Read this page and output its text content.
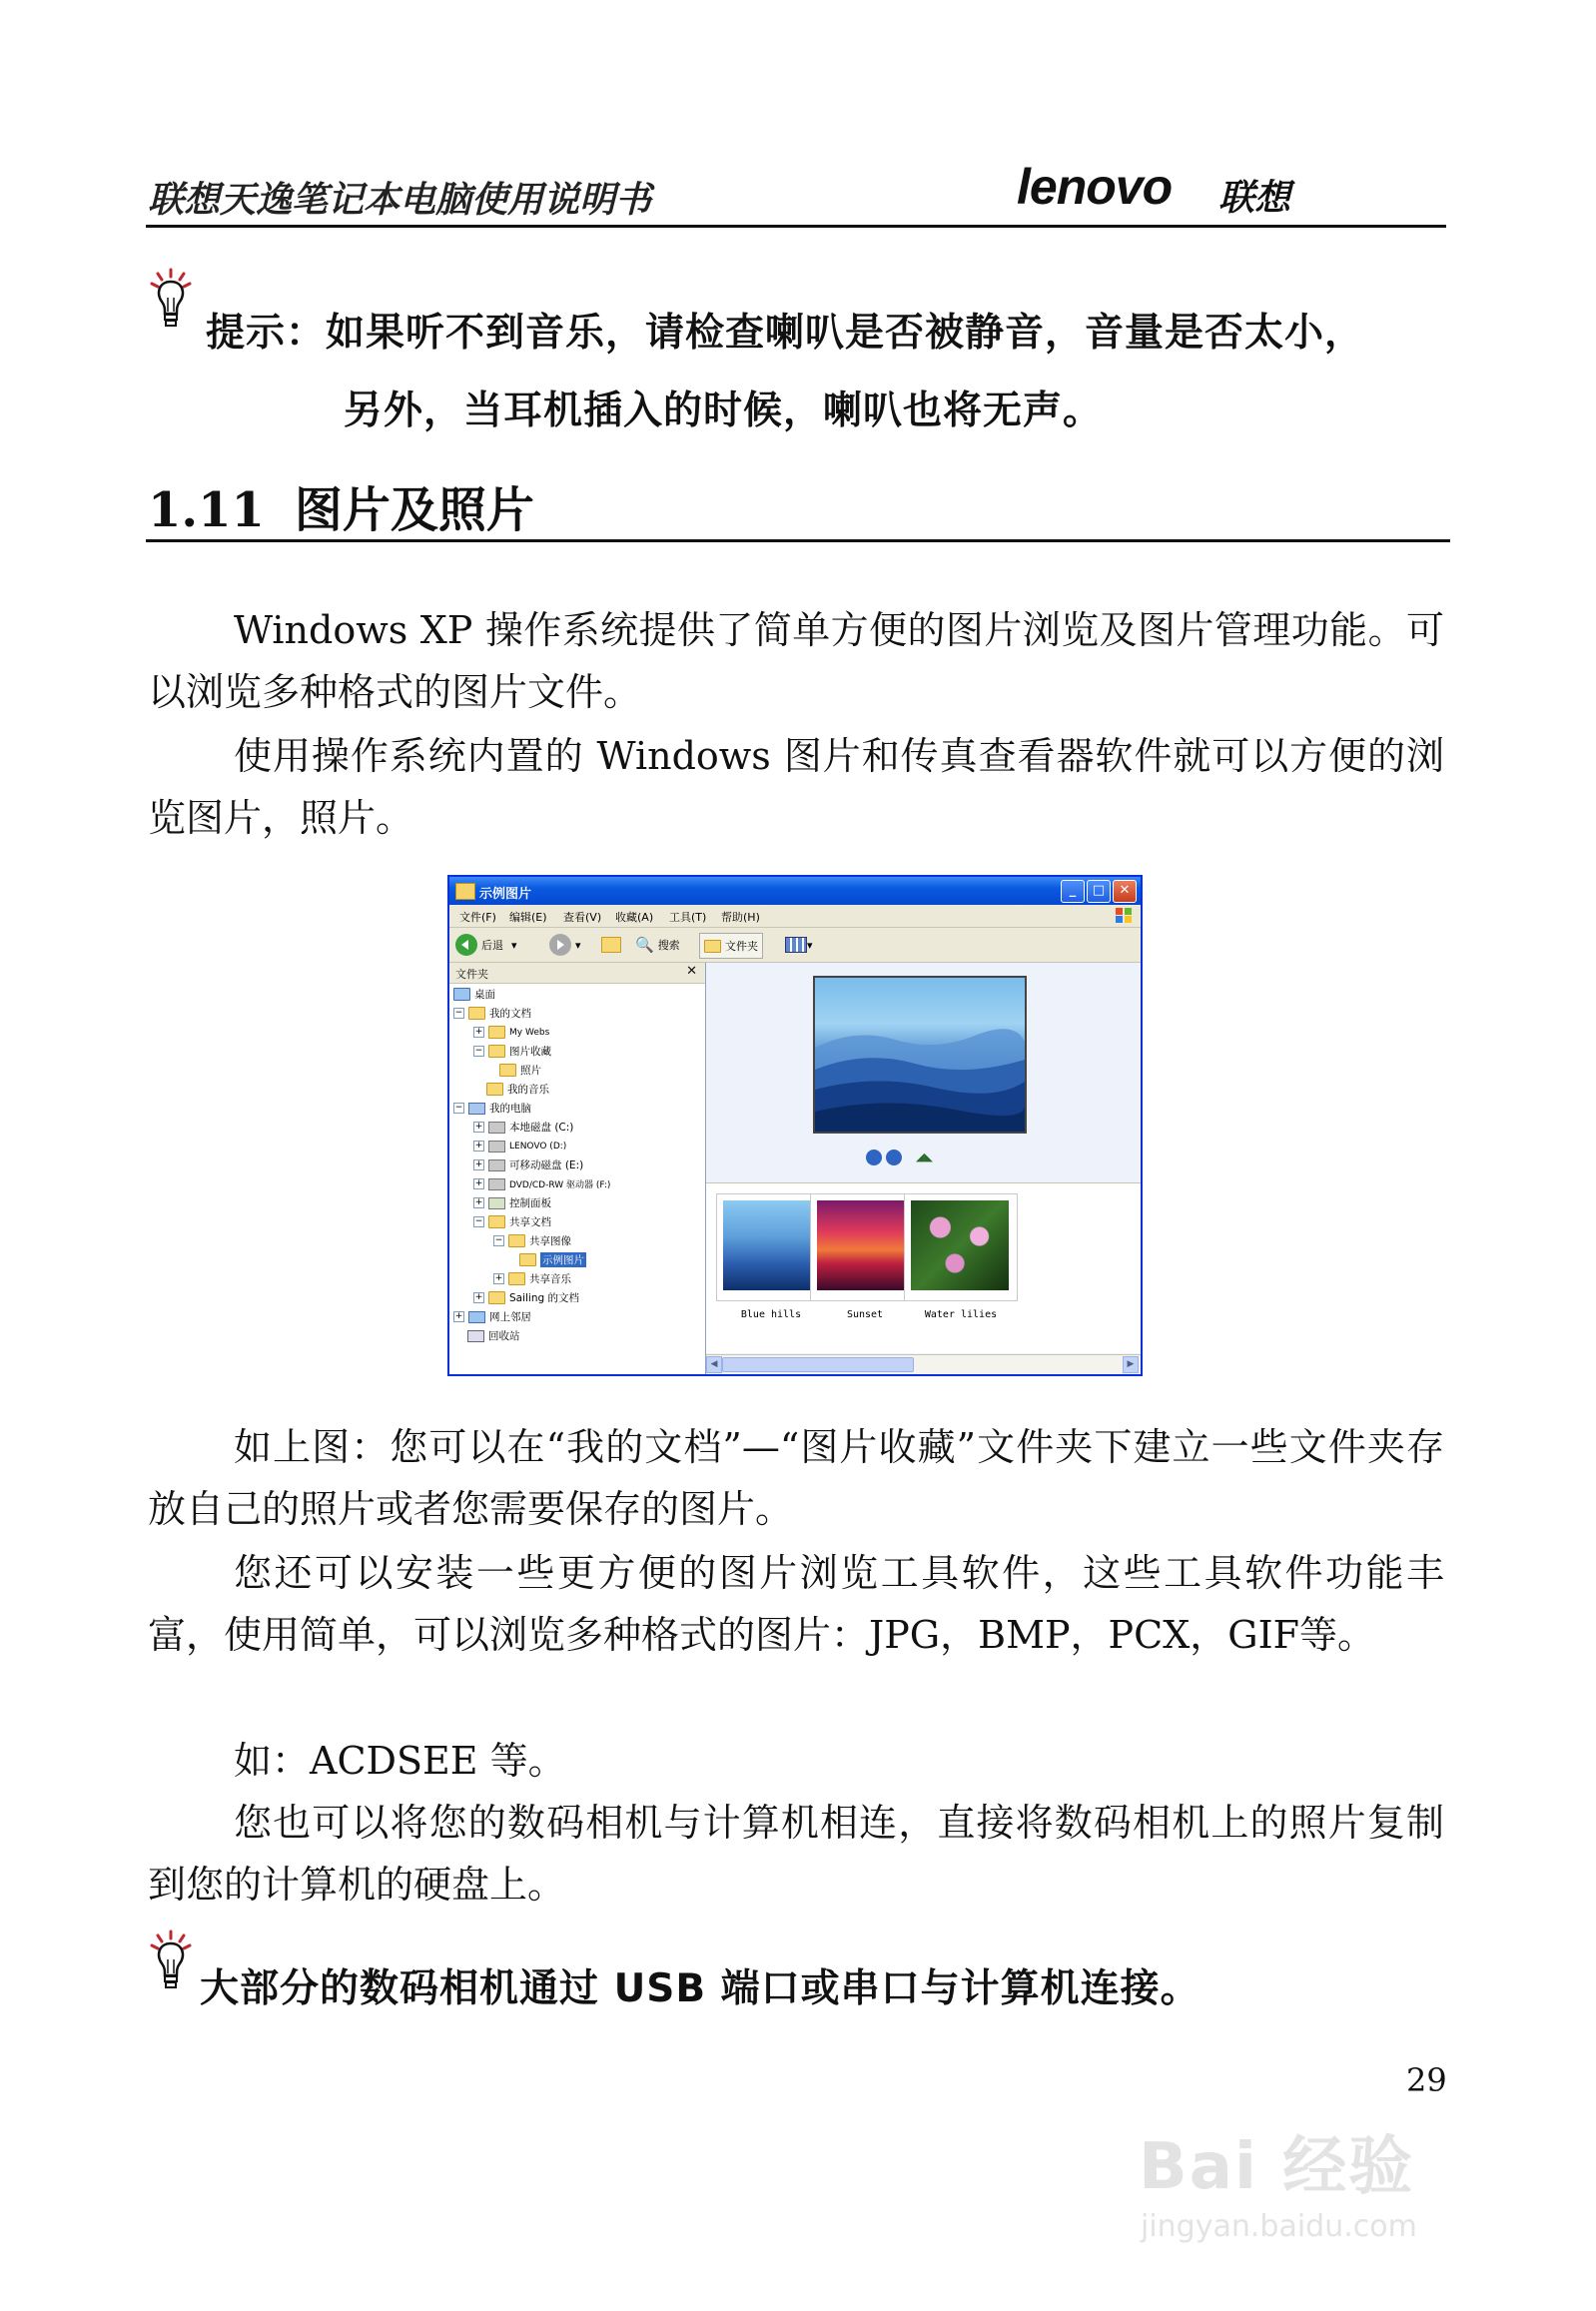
联想天逸笔记本电脑使用说明书	lenovo 联想
提示：如果听不到音乐，请检查喇叭是否被静音，音量是否太小，
另外，当耳机插入的时候，喇叭也将无声。
1.11 图片及照片
Windows XP 操作系统提供了简单方便的图片浏览及图片管理功能。可以浏览多种格式的图片文件。
使用操作系统内置的 Windows 图片和传真查看器软件就可以方便的浏览图片，照片。
示例图片	_	□	✕
文件(F) 编辑(E) 查看(V) 收藏(A) 工具(T) 帮助(H)
后退 ▾	▾	🔍 搜索	文件夹	▾
文件夹	✕
桌面
−	我的文档
+	My Webs
−	图片收藏
照片
我的音乐
−	我的电脑
+	本地磁盘 (C:)
+	LENOVO (D:)
+	可移动磁盘 (E:)
+	DVD/CD-RW 驱动器 (F:)
+	控制面板
−	共享文档
−	共享图像
示例图片
+	共享音乐
+	Sailing 的文档
+	网上邻居
回收站
◢◣
Blue hills	Sunset	Water lilies
◀	▶
如上图：您可以在“我的文档”—“图片收藏”文件夹下建立一些文件夹存放自己的照片或者您需要保存的图片。
您还可以安装一些更方便的图片浏览工具软件，这些工具软件功能丰富，使用简单，可以浏览多种格式的图片：JPG，BMP，PCX，GIF等。
如：ACDSEE 等。
您也可以将您的数码相机与计算机相连，直接将数码相机上的照片复制到您的计算机的硬盘上。
大部分的数码相机通过 USB 端口或串口与计算机连接。
29
Bai 经验
jingyan.baidu.com
